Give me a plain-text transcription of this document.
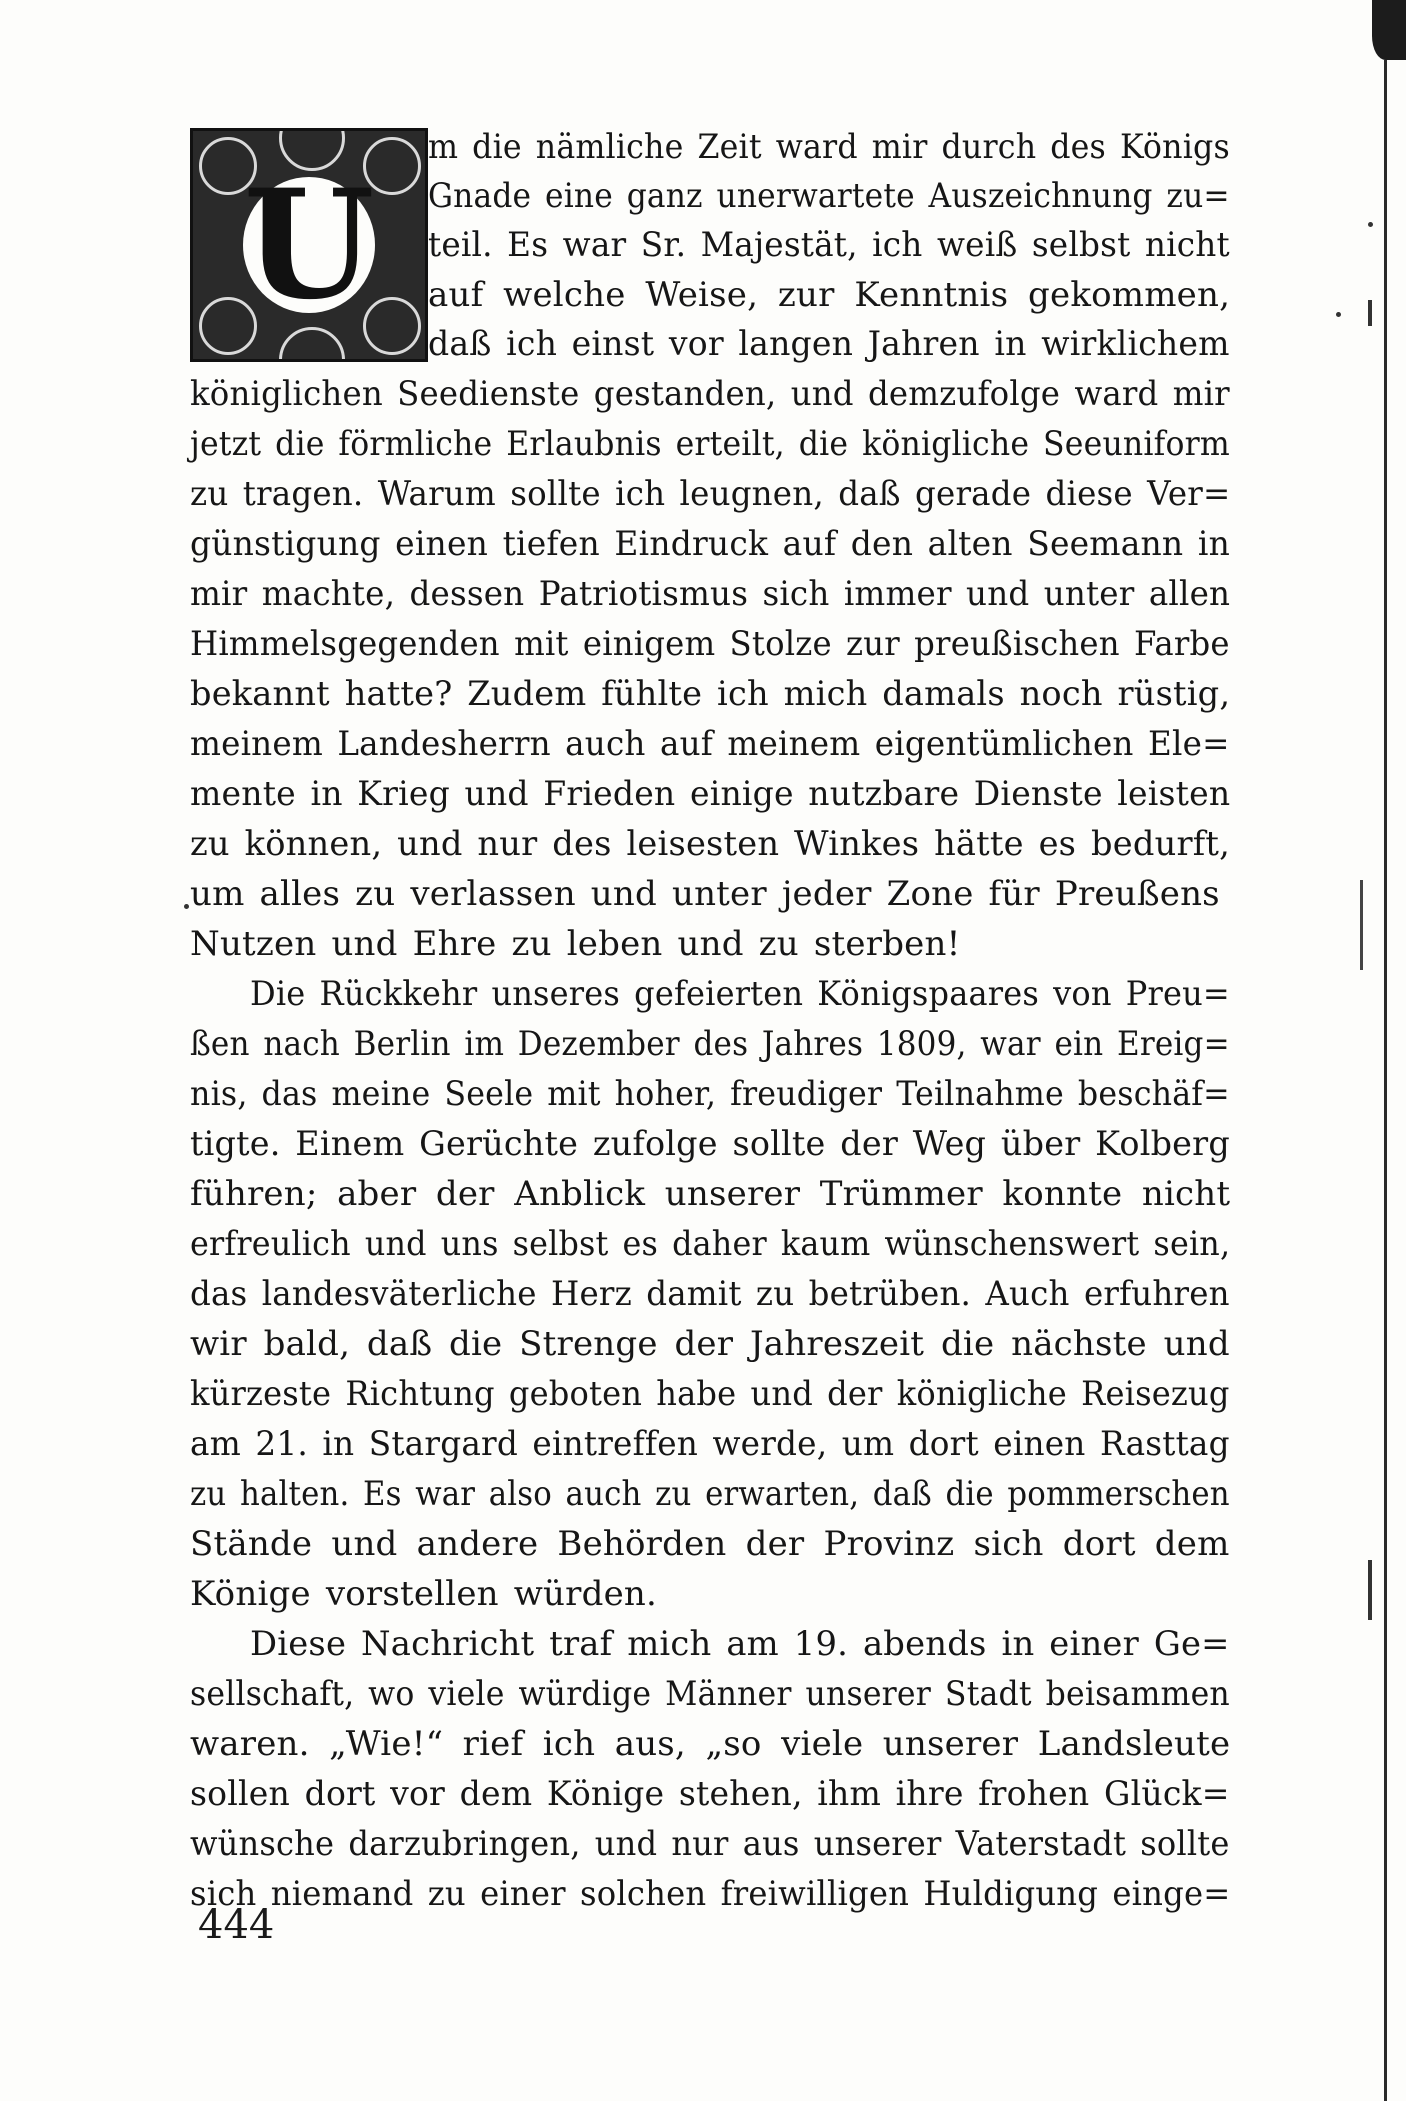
U
m die nämliche Zeit ward mir durch des Königs
Gnade eine ganz unerwartete Auszeichnung zu=
teil. Es war Sr. Majestät, ich weiß selbst nicht
auf welche Weise, zur Kenntnis gekommen,
daß ich einst vor langen Jahren in wirklichem
königlichen Seedienste gestanden, und demzufolge ward mir
jetzt die förmliche Erlaubnis erteilt, die königliche Seeuniform
zu tragen. Warum sollte ich leugnen, daß gerade diese Ver=
günstigung einen tiefen Eindruck auf den alten Seemann in
mir machte, dessen Patriotismus sich immer und unter allen
Himmelsgegenden mit einigem Stolze zur preußischen Farbe
bekannt hatte? Zudem fühlte ich mich damals noch rüstig,
meinem Landesherrn auch auf meinem eigentümlichen Ele=
mente in Krieg und Frieden einige nutzbare Dienste leisten
zu können, und nur des leisesten Winkes hätte es bedurft,
um alles zu verlassen und unter jeder Zone für Preußens
Nutzen und Ehre zu leben und zu sterben!
Die Rückkehr unseres gefeierten Königspaares von Preu=
ßen nach Berlin im Dezember des Jahres 1809, war ein Ereig=
nis, das meine Seele mit hoher, freudiger Teilnahme beschäf=
tigte. Einem Gerüchte zufolge sollte der Weg über Kolberg
führen; aber der Anblick unserer Trümmer konnte nicht
erfreulich und uns selbst es daher kaum wünschenswert sein,
das landesväterliche Herz damit zu betrüben. Auch erfuhren
wir bald, daß die Strenge der Jahreszeit die nächste und
kürzeste Richtung geboten habe und der königliche Reisezug
am 21. in Stargard eintreffen werde, um dort einen Rasttag
zu halten. Es war also auch zu erwarten, daß die pommerschen
Stände und andere Behörden der Provinz sich dort dem
Könige vorstellen würden.
Diese Nachricht traf mich am 19. abends in einer Ge=
sellschaft, wo viele würdige Männer unserer Stadt beisammen
waren. „Wie!“ rief ich aus, „so viele unserer Landsleute
sollen dort vor dem Könige stehen, ihm ihre frohen Glück=
wünsche darzubringen, und nur aus unserer Vaterstadt sollte
sich niemand zu einer solchen freiwilligen Huldigung einge=
444
